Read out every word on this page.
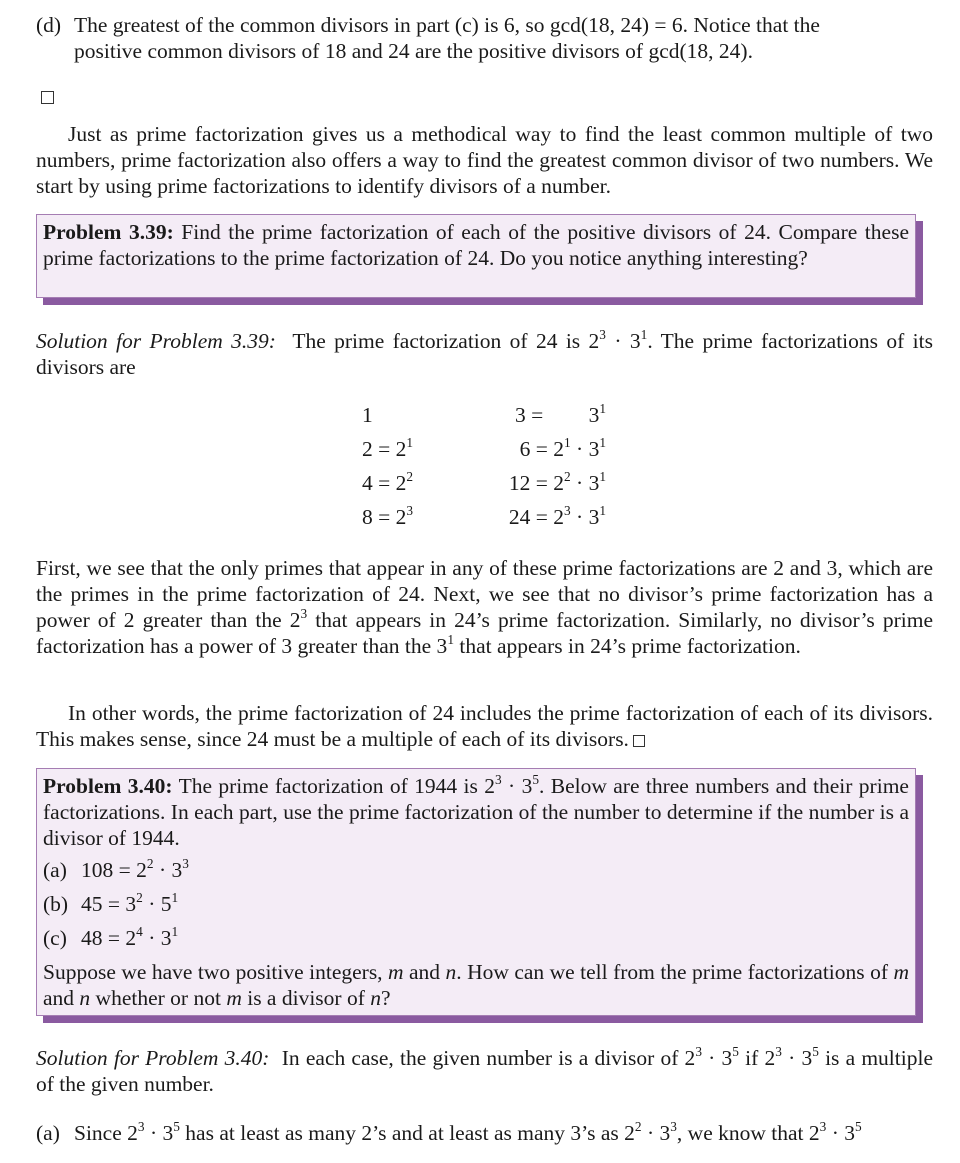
(d) The greatest of the common divisors in part (c) is 6, so gcd(18, 24) = 6. Notice that the
positive common divisors of 18 and 24 are the positive divisors of gcd(18, 24).
Just as prime factorization gives us a methodical way to find the least common multiple of two numbers, prime factorization also offers a way to find the greatest common divisor of two numbers. We start by using prime factorizations to identify divisors of a number.
Problem 3.39: Find the prime factorization of each of the positive divisors of 24. Compare these prime factorizations to the prime factorization of 24. Do you notice anything interesting?
Solution for Problem 3.39: The prime factorization of 24 is $2^3 \cdot 3^1$. The prime factorizations of its divisors are
1
$2 = 2^1$
$4 = 2^2$
$8 = 2^3$
$3 = 3^1$
$6 = 2^1 \cdot 3^1$
$12 = 2^2 \cdot 3^1$
$24 = 2^3 \cdot 3^1$
First, we see that the only primes that appear in any of these prime factorizations are 2 and 3, which are the primes in the prime factorization of 24. Next, we see that no divisor’s prime factorization has a power of 2 greater than the $2^3$ that appears in 24’s prime factorization. Similarly, no divisor’s prime factorization has a power of 3 greater than the $3^1$ that appears in 24’s prime factorization.
In other words, the prime factorization of 24 includes the prime factorization of each of its divisors. This makes sense, since 24 must be a multiple of each of its divisors.
Problem 3.40: The prime factorization of 1944 is $2^3 \cdot 3^5$. Below are three numbers and their prime factorizations. In each part, use the prime factorization of the number to determine if the number is a divisor of 1944.
(a) $108 = 2^2 \cdot 3^3$
(b) $45 = 3^2 \cdot 5^1$
(c) $48 = 2^4 \cdot 3^1$
Suppose we have two positive integers, m and n. How can we tell from the prime factorizations of m and n whether or not m is a divisor of n?
Solution for Problem 3.40: In each case, the given number is a divisor of $2^3 \cdot 3^5$ if $2^3 \cdot 3^5$ is a multiple of the given number.
(a) Since $2^3 \cdot 3^5$ has at least as many 2’s and at least as many 3’s as $2^2 \cdot 3^3$, we know that $2^3 \cdot 3^5$
